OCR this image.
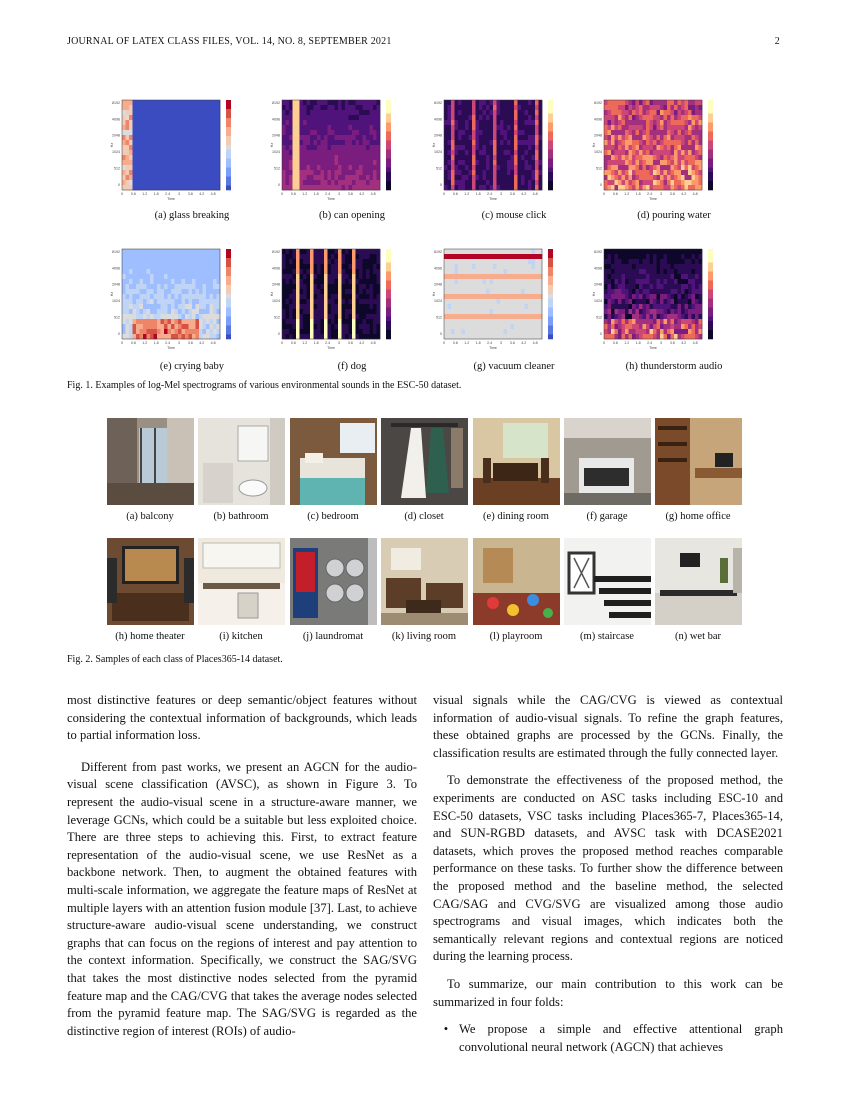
JOURNAL OF LATEX CLASS FILES, VOL. 14, NO. 8, SEPTEMBER 2021	2
8192
4096
2048
1024
512
0
0 0.6 1.2 1.8 2.4 3 3.6 4.2 4.8
Time
Hz
(a) glass breaking
8192
4096
2048
1024
512
0
0 0.6 1.2 1.8 2.4 3 3.6 4.2 4.8
Time
Hz
(b) can opening
8192
4096
2048
1024
512
0
0 0.6 1.2 1.8 2.4 3 3.6 4.2 4.8
Time
Hz
(c) mouse click
8192
4096
2048
1024
512
0
0 0.6 1.2 1.8 2.4 3 3.6 4.2 4.8
Time
Hz
(d) pouring water
8192
4096
2048
1024
512
0
0 0.6 1.2 1.8 2.4 3 3.6 4.2 4.8
Time
Hz
(e) crying baby
8192
4096
2048
1024
512
0
0 0.6 1.2 1.8 2.4 3 3.6 4.2 4.8
Time
Hz
(f) dog
8192
4096
2048
1024
512
0
0 0.6 1.2 1.8 2.4 3 3.6 4.2 4.8
Time
Hz
(g) vacuum cleaner
8192
4096
2048
1024
512
0
0 0.6 1.2 1.8 2.4 3 3.6 4.2 4.8
Time
Hz
(h) thunderstorm audio
Fig. 1. Examples of log-Mel spectrograms of various environmental sounds in the ESC-50 dataset.
(a) balcony	(b) bathroom	(c) bedroom	(d) closet	(e) dining room	(f) garage	(g) home office
(h) home theater	(i) kitchen	(j) laundromat	(k) living room	(l) playroom	(m) staircase	(n) wet bar
Fig. 2. Samples of each class of Places365-14 dataset.

most distinctive features or deep semantic/object features without considering the contextual information of backgrounds, which leads to partial information loss.

Different from past works, we present an AGCN for the audio-visual scene classification (AVSC), as shown in Figure 3. To represent the audio-visual scene in a structure-aware manner, we leverage GCNs, which could be a suitable but less exploited choice. There are three steps to achieving this. First, to extract feature representation of the audio-visual scene, we use ResNet as a backbone network. Then, to augment the obtained features with multi-scale information, we aggregate the feature maps of ResNet at multiple layers with an attention fusion module [37]. Last, to achieve structure-aware audio-visual scene understanding, we construct graphs that can focus on the regions of interest and pay attention to the context information. Specifically, we construct the SAG/SVG that takes the most distinctive nodes selected from the pyramid feature map and the CAG/CVG that takes the average nodes selected from the pyramid feature map. The SAG/SVG is regarded as the distinctive region of interest (ROIs) of audio-

visual signals while the CAG/CVG is viewed as contextual information of audio-visual signals. To refine the graph features, these obtained graphs are processed by the GCNs. Finally, the classification results are estimated through the fully connected layer.

To demonstrate the effectiveness of the proposed method, the experiments are conducted on ASC tasks including ESC-10 and ESC-50 datasets, VSC tasks including Places365-7, Places365-14, and SUN-RGBD datasets, and AVSC task with DCASE2021 datasets, which proves the proposed method reaches comparable performance on these tasks. To further show the difference between the proposed method and the baseline method, the selected CAG/SAG and CVG/SVG are visualized among those audio spectrograms and visual images, which indicates both the semantically relevant regions and contextual regions are noticed during the learning process.

To summarize, our main contribution to this work can be summarized in four folds:

• We propose a simple and effective attentional graph convolutional neural network (AGCN) that achieves
